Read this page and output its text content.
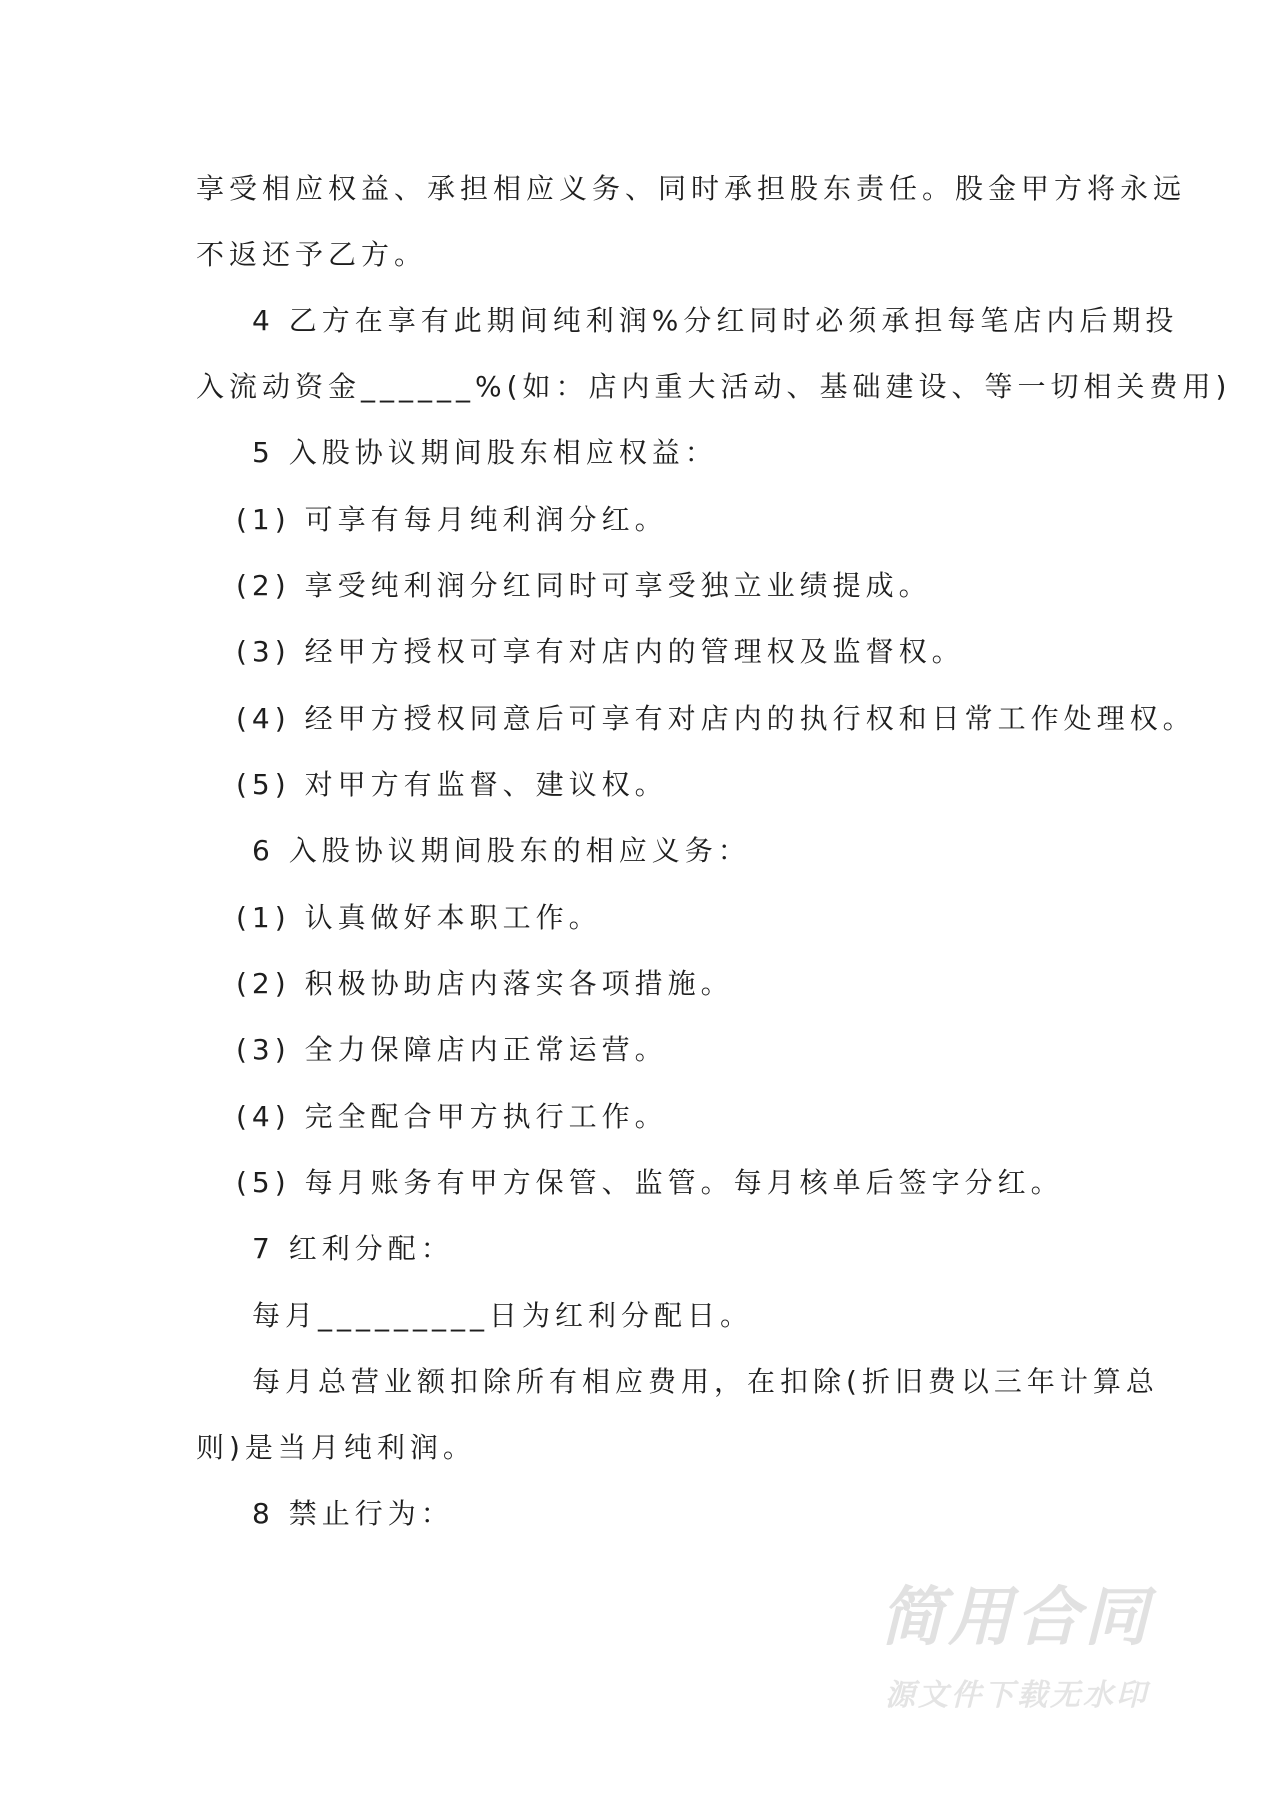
享受相应权益、承担相应义务、同时承担股东责任。股金甲方将永远
不返还予乙方。
4 乙方在享有此期间纯利润%分红同时必须承担每笔店内后期投
入流动资金______%(如：店内重大活动、基础建设、等一切相关费用)
5 入股协议期间股东相应权益：
(1) 可享有每月纯利润分红。
(2) 享受纯利润分红同时可享受独立业绩提成。
(3) 经甲方授权可享有对店内的管理权及监督权。
(4) 经甲方授权同意后可享有对店内的执行权和日常工作处理权。
(5) 对甲方有监督、建议权。
6 入股协议期间股东的相应义务：
(1) 认真做好本职工作。
(2) 积极协助店内落实各项措施。
(3) 全力保障店内正常运营。
(4) 完全配合甲方执行工作。
(5) 每月账务有甲方保管、监管。每月核单后签字分红。
7 红利分配：
每月_________日为红利分配日。
每月总营业额扣除所有相应费用，在扣除(折旧费以三年计算总
则)是当月纯利润。
8 禁止行为：
简用合同
源文件下载无水印
